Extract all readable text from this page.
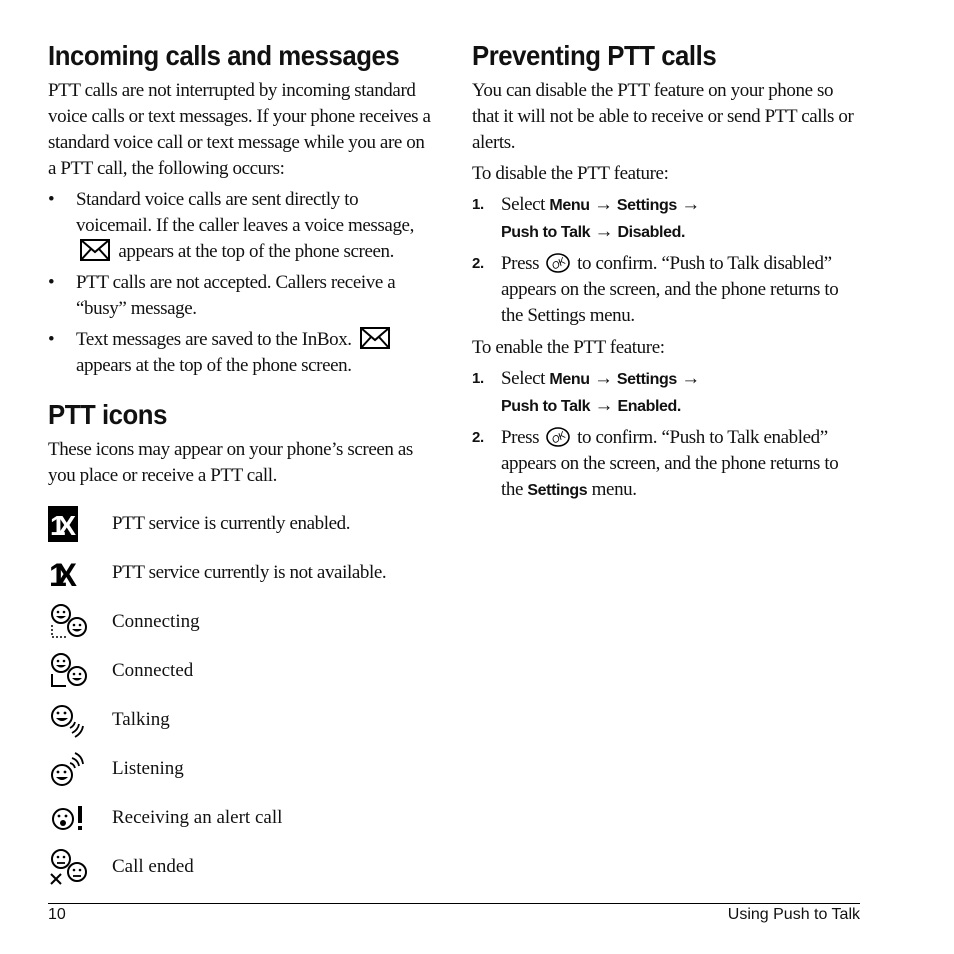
Incoming calls and messages

PTT calls are not interrupted by incoming standard voice calls or text messages. If your phone receives a standard voice call or text message while you are on a PTT call, the following occurs:

• Standard voice calls are sent directly to voicemail. If the caller leaves a voice message,  appears at the top of the phone screen.
• PTT calls are not accepted. Callers receive a “busy” message.
• Text messages are saved to the InBox.  appears at the top of the phone screen.
PTT icons

These icons may appear on your phone’s screen as you place or receive a PTT call.

1X PTT service is currently enabled.

1X PTT service currently is not available.

Connecting

Connected

Talking

Listening

Receiving an alert call

Call ended

Preventing PTT calls

You can disable the PTT feature on your phone so that it will not be able to receive or send PTT calls or alerts.

To disable the PTT feature:

1. Select Menu → Settings →
Push to Talk → Disabled.
2. Press OK to confirm. “Push to Talk disabled” appears on the screen, and the phone returns to the Settings menu.

To enable the PTT feature:

1. Select Menu → Settings →
Push to Talk → Enabled.
2. Press OK to confirm. “Push to Talk enabled” appears on the screen, and the phone returns to the Settings menu.
10	Using Push to Talk
